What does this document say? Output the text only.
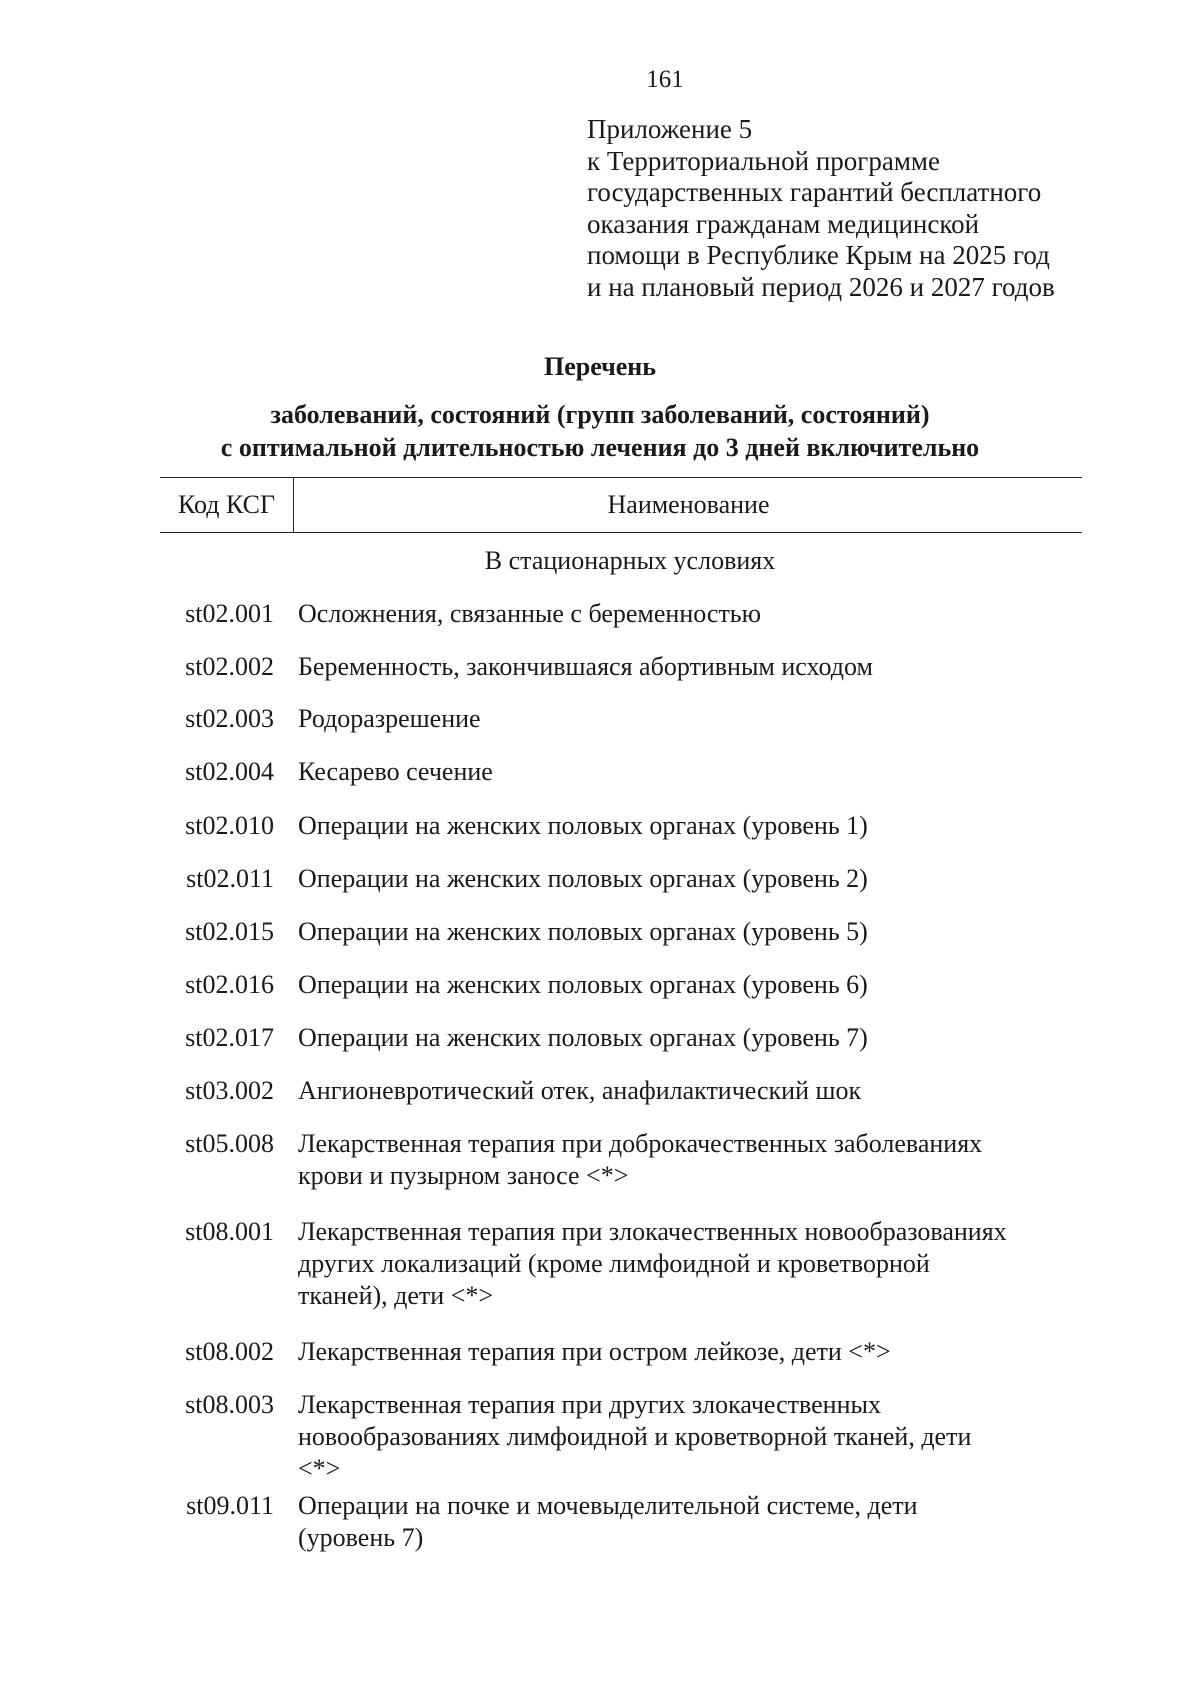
161
Приложение 5
к Территориальной программе
государственных гарантий бесплатного
оказания гражданам медицинской
помощи в Республике Крым на 2025 год
и на плановый период 2026 и 2027 годов
Перечень
заболеваний, состояний (групп заболеваний, состояний)
с оптимальной длительностью лечения до 3 дней включительно
Код КСГ	Наименование
В стационарных условиях
st02.001 Осложнения, связанные с беременностью
st02.002 Беременность, закончившаяся абортивным исходом
st02.003 Родоразрешение
st02.004 Кесарево сечение
st02.010 Операции на женских половых органах (уровень 1)
st02.011 Операции на женских половых органах (уровень 2)
st02.015 Операции на женских половых органах (уровень 5)
st02.016 Операции на женских половых органах (уровень 6)
st02.017 Операции на женских половых органах (уровень 7)
st03.002 Ангионевротический отек, анафилактический шок
st05.008 Лекарственная терапия при доброкачественных заболеваниях
крови и пузырном заносе <*>
st08.001 Лекарственная терапия при злокачественных новообразованиях
других локализаций (кроме лимфоидной и кроветворной
тканей), дети <*>
st08.002 Лекарственная терапия при остром лейкозе, дети <*>
st08.003 Лекарственная терапия при других злокачественных
новообразованиях лимфоидной и кроветворной тканей, дети
<*>
st09.011 Операции на почке и мочевыделительной системе, дети
(уровень 7)
